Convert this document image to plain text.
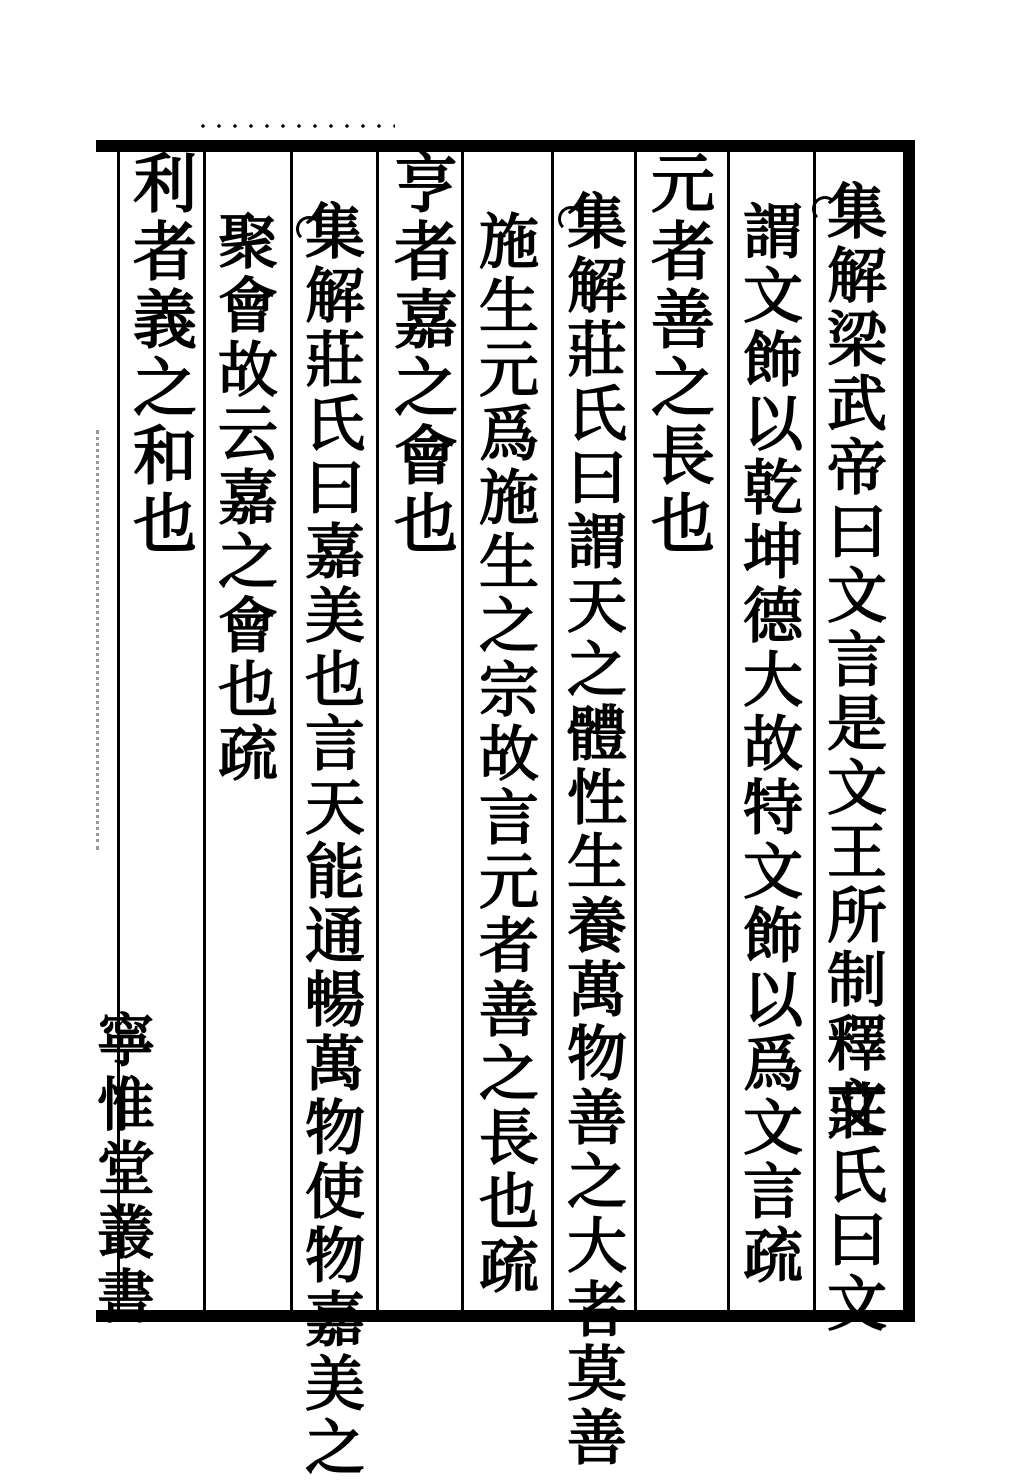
集解梁武帝曰文言是文王所制釋文
莊氏曰文
謂文飾以乾坤德大故特文飾以爲文言疏
元者善之長也
集解莊氏曰謂天之體性生養萬物善之大者莫善
施生元爲施生之宗故言元者善之長也疏
亨者嘉之會也
集解莊氏曰嘉美也言天能通暢萬物使物嘉美之
聚會故云嘉之會也疏
利者義之和也
寧惟堂叢書
